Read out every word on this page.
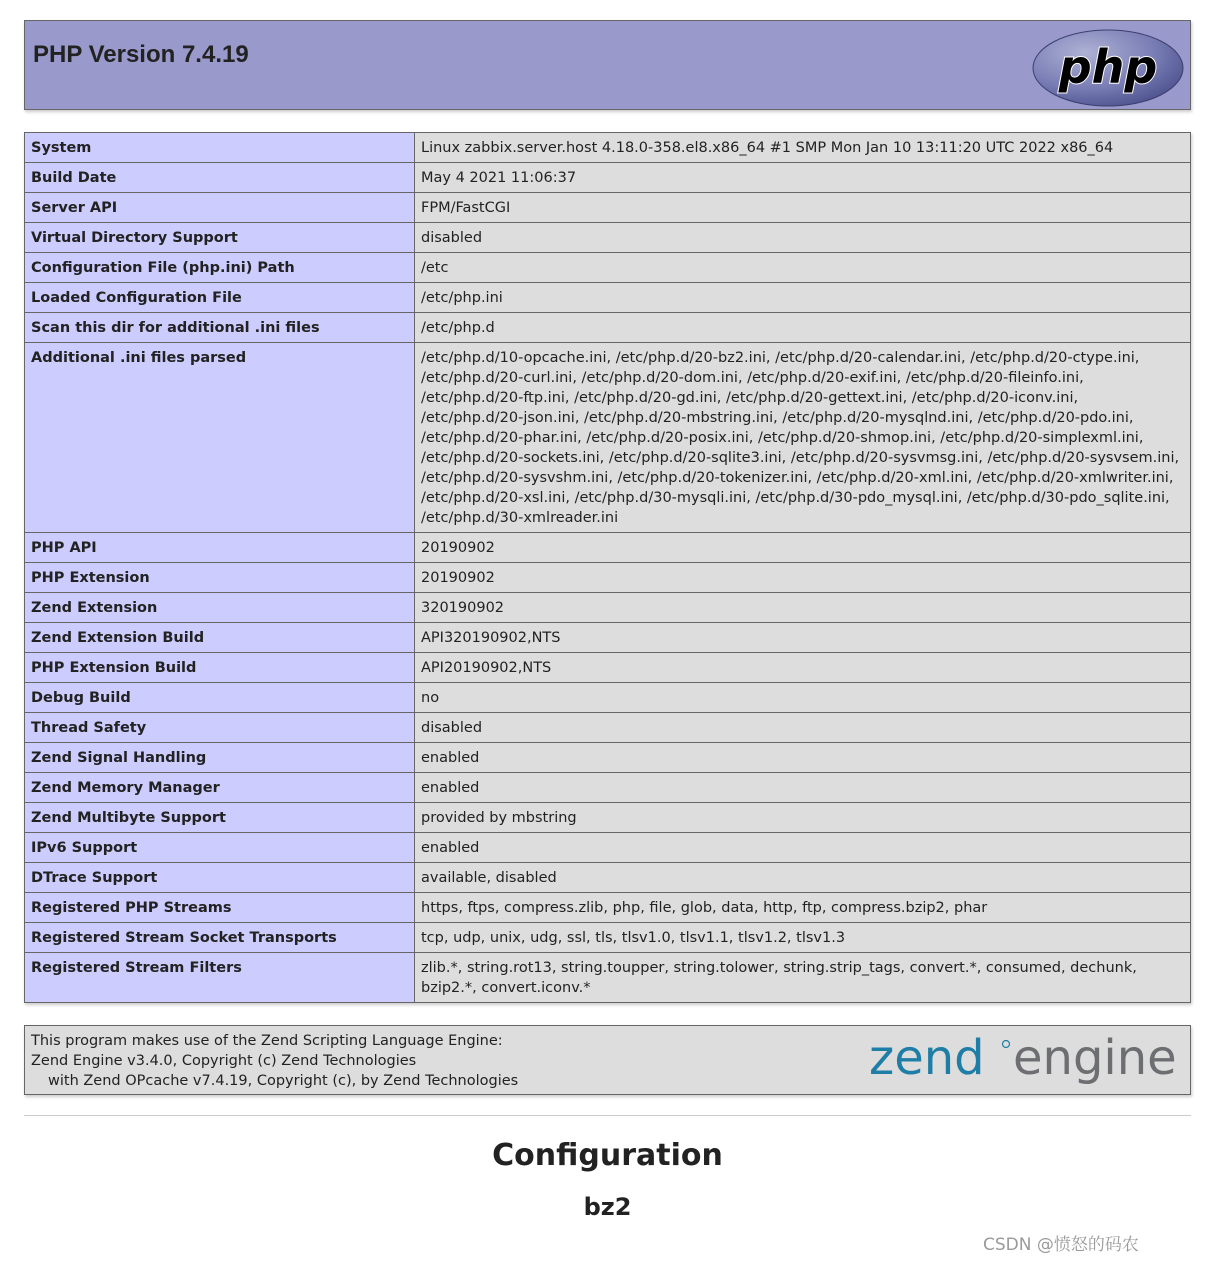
PHP Version 7.4.19	php
System	Linux zabbix.server.host 4.18.0-358.el8.x86_64 #1 SMP Mon Jan 10 13:11:20 UTC 2022 x86_64
Build Date	May 4 2021 11:06:37
Server API	FPM/FastCGI
Virtual Directory Support	disabled
Configuration File (php.ini) Path	/etc
Loaded Configuration File	/etc/php.ini
Scan this dir for additional .ini files	/etc/php.d
Additional .ini files parsed	/etc/php.d/10-opcache.ini, /etc/php.d/20-bz2.ini, /etc/php.d/20-calendar.ini, /etc/php.d/20-ctype.ini, /etc/php.d/20-curl.ini, /etc/php.d/20-dom.ini, /etc/php.d/20-exif.ini, /etc/php.d/20-fileinfo.ini, /etc/php.d/20-ftp.ini, /etc/php.d/20-gd.ini, /etc/php.d/20-gettext.ini, /etc/php.d/20-iconv.ini, /etc/php.d/20-json.ini, /etc/php.d/20-mbstring.ini, /etc/php.d/20-mysqlnd.ini, /etc/php.d/20-pdo.ini, /etc/php.d/20-phar.ini, /etc/php.d/20-posix.ini, /etc/php.d/20-shmop.ini, /etc/php.d/20-simplexml.ini, /etc/php.d/20-sockets.ini, /etc/php.d/20-sqlite3.ini, /etc/php.d/20-sysvmsg.ini, /etc/php.d/20-sysvsem.ini, /etc/php.d/20-sysvshm.ini, /etc/php.d/20-tokenizer.ini, /etc/php.d/20-xml.ini, /etc/php.d/20-xmlwriter.ini, /etc/php.d/20-xsl.ini, /etc/php.d/30-mysqli.ini, /etc/php.d/30-pdo_mysql.ini, /etc/php.d/30-pdo_sqlite.ini, /etc/php.d/30-xmlreader.ini
PHP API	20190902
PHP Extension	20190902
Zend Extension	320190902
Zend Extension Build	API320190902,NTS
PHP Extension Build	API20190902,NTS
Debug Build	no
Thread Safety	disabled
Zend Signal Handling	enabled
Zend Memory Manager	enabled
Zend Multibyte Support	provided by mbstring
IPv6 Support	enabled
DTrace Support	available, disabled
Registered PHP Streams	https, ftps, compress.zlib, php, file, glob, data, http, ftp, compress.bzip2, phar
Registered Stream Socket Transports	tcp, udp, unix, udg, ssl, tls, tlsv1.0, tlsv1.1, tlsv1.2, tlsv1.3
Registered Stream Filters	zlib.*, string.rot13, string.toupper, string.tolower, string.strip_tags, convert.*, consumed, dechunk, bzip2.*, convert.iconv.*
This program makes use of the Zend Scripting Language Engine:
Zend Engine v3.4.0, Copyright (c) Zend Technologies
with Zend OPcache v7.4.19, Copyright (c), by Zend Technologies	zend engine
Configuration
bz2
CSDN @愤怒的码农
